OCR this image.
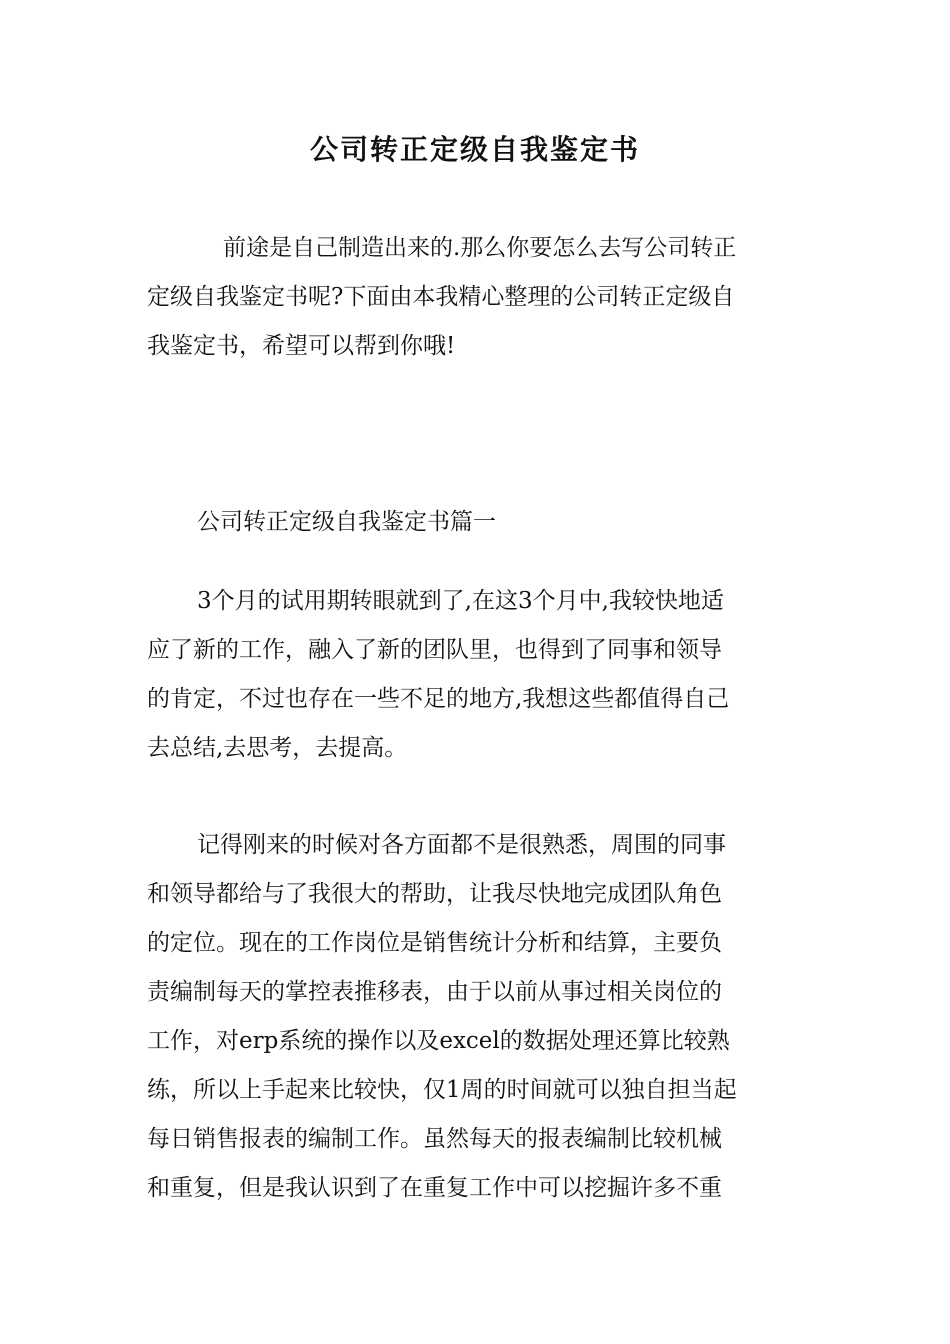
公司转正定级自我鉴定书
前途是自己制造出来的.那么你要怎么去写公司转正
定级自我鉴定书呢?下面由本我精心整理的公司转正定级自
我鉴定书，希望可以帮到你哦!
公司转正定级自我鉴定书篇一
3个月的试用期转眼就到了,在这3个月中,我较快地适
应了新的工作，融入了新的团队里，也得到了同事和领导
的肯定，不过也存在一些不足的地方,我想这些都值得自己
去总结,去思考，去提高。
记得刚来的时候对各方面都不是很熟悉，周围的同事
和领导都给与了我很大的帮助，让我尽快地完成团队角色
的定位。现在的工作岗位是销售统计分析和结算，主要负
责编制每天的掌控表推移表，由于以前从事过相关岗位的
工作，对erp系统的操作以及excel的数据处理还算比较熟
练，所以上手起来比较快，仅1周的时间就可以独自担当起
每日销售报表的编制工作。虽然每天的报表编制比较机械
和重复，但是我认识到了在重复工作中可以挖掘许多不重
